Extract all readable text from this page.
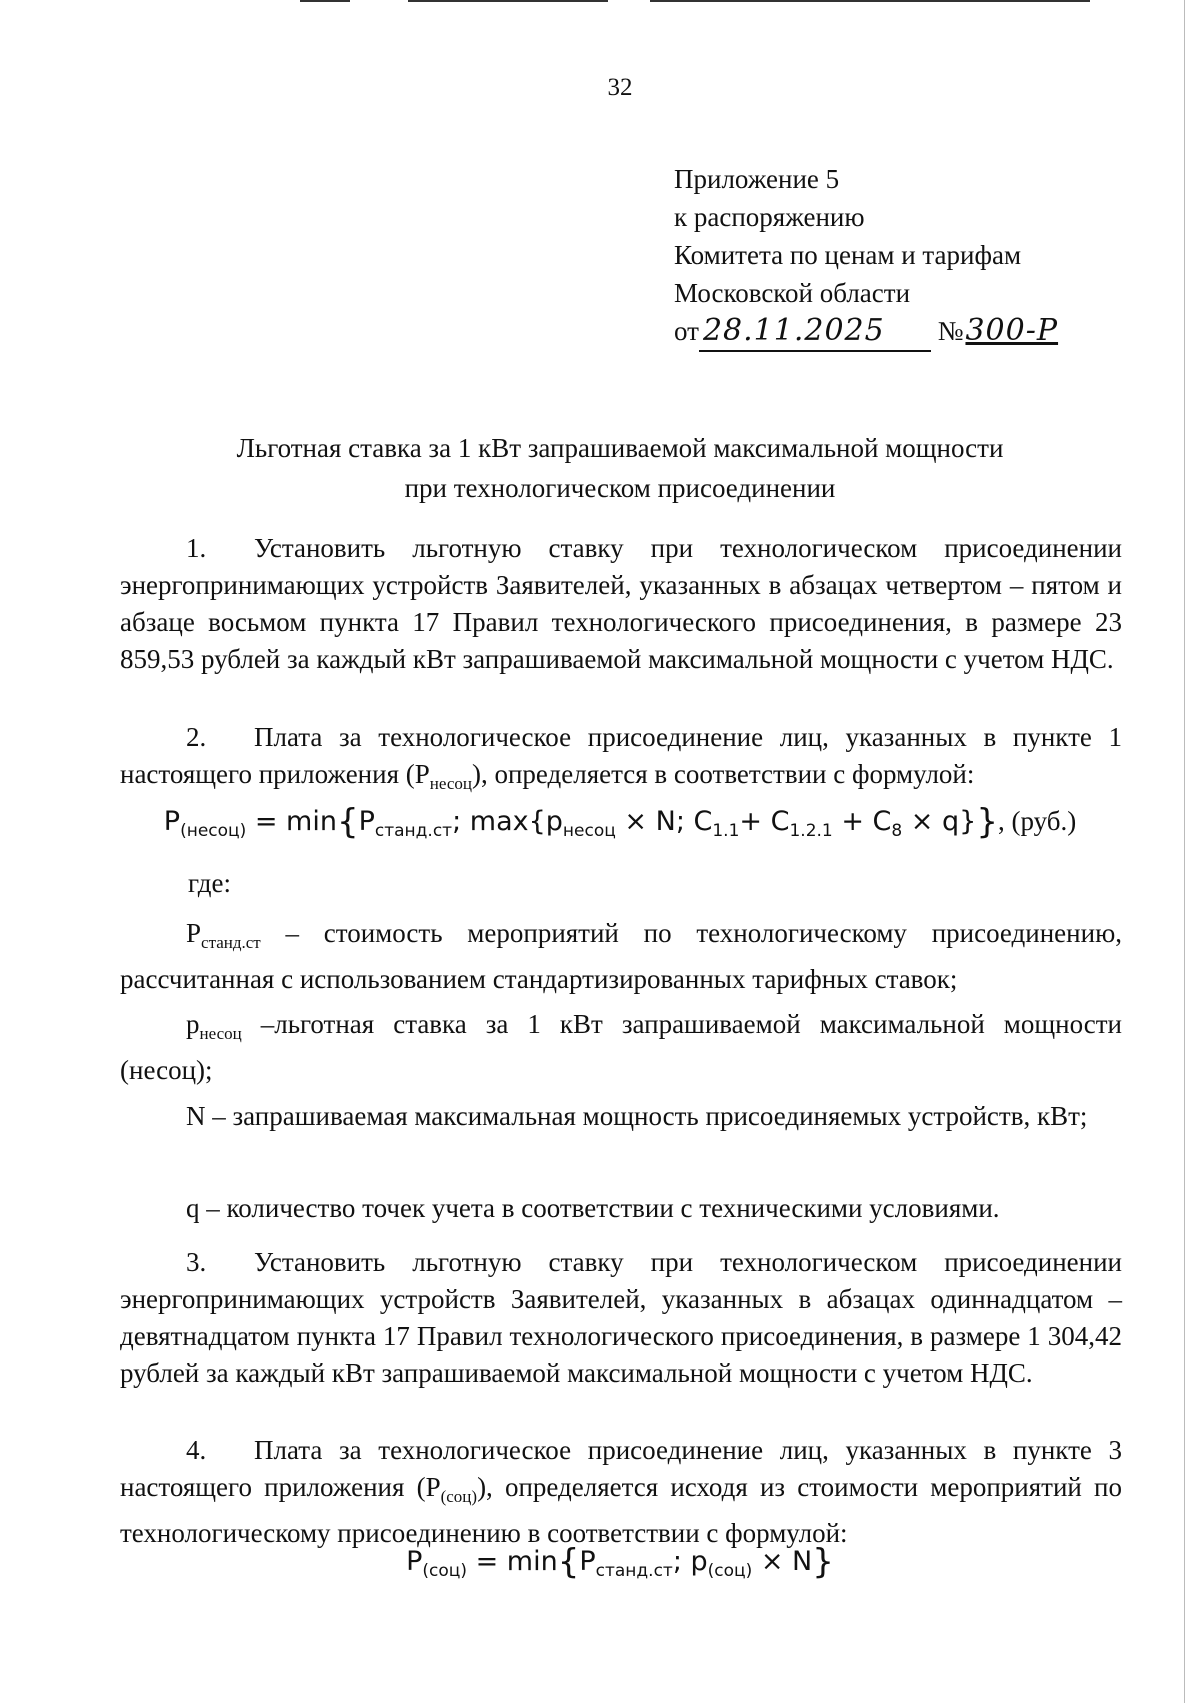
32
Приложение 5
к распоряжению
Комитета по ценам и тарифам
Московской области
от 28.11.2025 №300-Р
Льготная ставка за 1 кВт запрашиваемой максимальной мощности
при технологическом присоединении
1. Установить льготную ставку при технологическом присоединении энергопринимающих устройств Заявителей, указанных в абзацах четвертом – пятом и абзаце восьмом пункта 17 Правил технологического присоединения, в размере 23 859,53 рублей за каждый кВт запрашиваемой максимальной мощности с учетом НДС.
2. Плата за технологическое присоединение лиц, указанных в пункте 1 настоящего приложения $(Р_{несоц})$, определяется в соответствии с формулой:
$P_{(несоц)} = \min\{P_{станд.ст}$; $\max\{p_{несоц} \times N$; $C_{1.1}+ C_{1.2.1} + C_8 \times q$}}, (руб.)
где:
$Р_{станд.ст}$ – стоимость мероприятий по технологическому присоединению, рассчитанная с использованием стандартизированных тарифных ставок;
$р_{несоц}$ –льготная ставка за 1 кВт запрашиваемой максимальной мощности (несоц);
N – запрашиваемая максимальная мощность присоединяемых устройств, кВт;
q – количество точек учета в соответствии с техническими условиями.
3. Установить льготную ставку при технологическом присоединении энергопринимающих устройств Заявителей, указанных в абзацах одиннадцатом – девятнадцатом пункта 17 Правил технологического присоединения, в размере 1 304,42 рублей за каждый кВт запрашиваемой максимальной мощности с учетом НДС.
4. Плата за технологическое присоединение лиц, указанных в пункте 3 настоящего приложения $(Р_{(соц)})$, определяется исходя из стоимости мероприятий по технологическому присоединению в соответствии с формулой:
$P_{(соц)} = \min\{P_{станд.ст}$; $p_{(соц)} \times N$}
